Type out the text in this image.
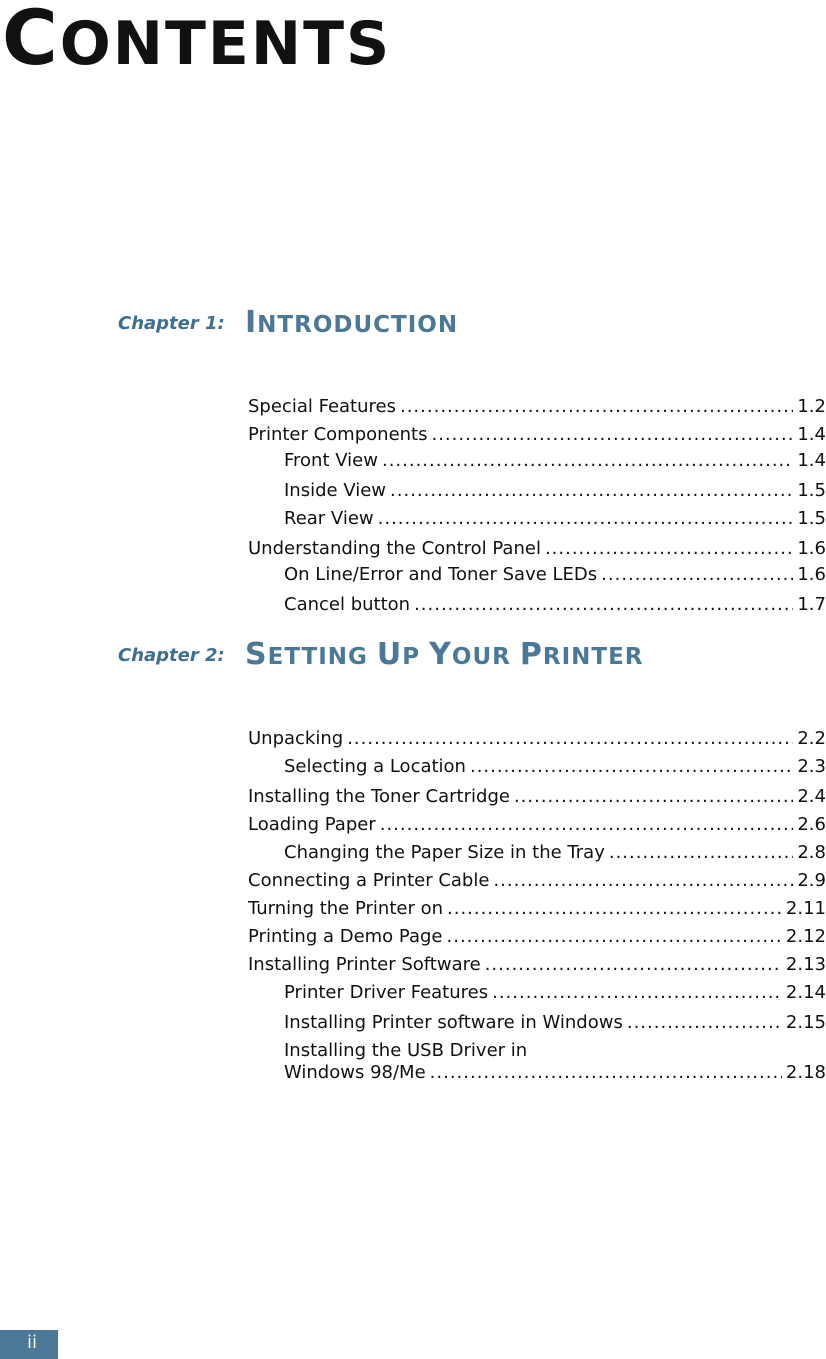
CONTENTS
Chapter 1: INTRODUCTION
Special Features .....	1.2
Printer Components .....	1.4
Front View .....	1.4
Inside View .....	1.5
Rear View .....	1.5
Understanding the Control Panel .....	1.6
On Line/Error and Toner Save LEDs .....	1.6
Cancel button .....	1.7
Chapter 2: SETTING UP YOUR PRINTER
Unpacking .....	2.2
Selecting a Location .....	2.3
Installing the Toner Cartridge .....	2.4
Loading Paper .....	2.6
Changing the Paper Size in the Tray .....	2.8
Connecting a Printer Cable .....	2.9
Turning the Printer on .....	2.11
Printing a Demo Page .....	2.12
Installing Printer Software .....	2.13
Printer Driver Features .....	2.14
Installing Printer software in Windows .....	2.15
Installing the USB Driver in
Windows 98/Me .....	2.18
ii
